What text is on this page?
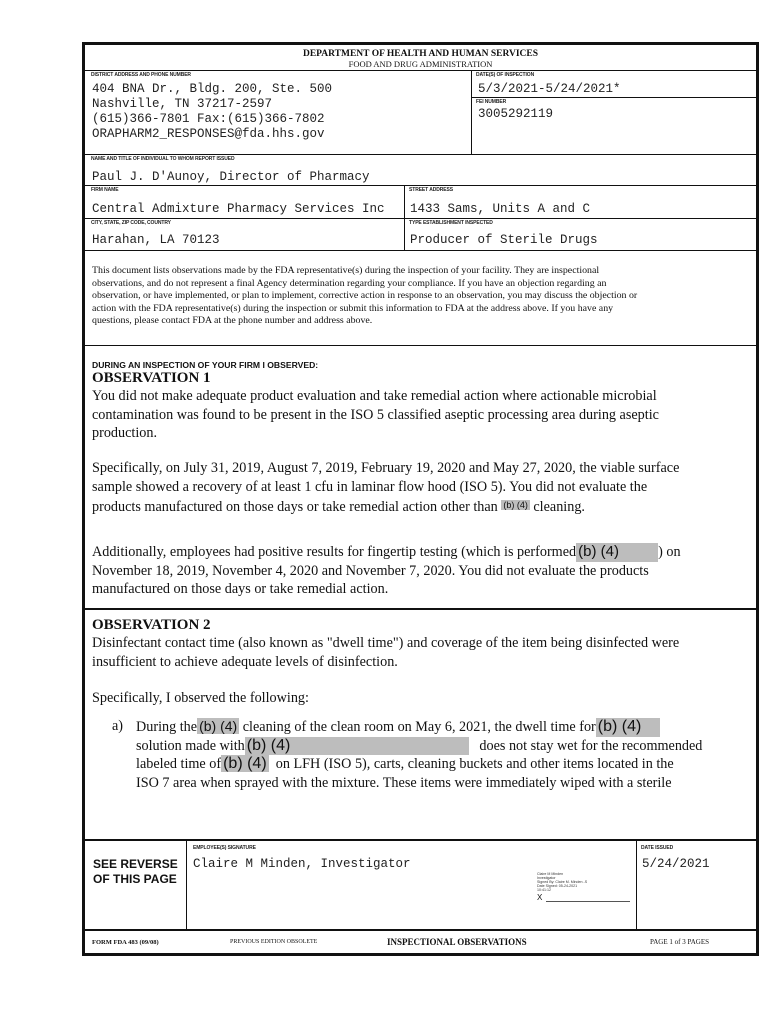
DEPARTMENT OF HEALTH AND HUMAN SERVICES
FOOD AND DRUG ADMINISTRATION
DISTRICT ADDRESS AND PHONE NUMBER
404 BNA Dr., Bldg. 200, Ste. 500
Nashville, TN 37217-2597
(615)366-7801 Fax:(615)366-7802
ORAPHARM2_RESPONSES@fda.hhs.gov
DATE(S) OF INSPECTION
5/3/2021-5/24/2021*
FEI NUMBER
3005292119
NAME AND TITLE OF INDIVIDUAL TO WHOM REPORT ISSUED
Paul J. D'Aunoy, Director of Pharmacy
FIRM NAME
Central Admixture Pharmacy Services Inc
STREET ADDRESS
1433 Sams, Units A and C
CITY, STATE, ZIP CODE, COUNTRY
Harahan, LA 70123
TYPE ESTABLISHMENT INSPECTED
Producer of Sterile Drugs
This document lists observations made by the FDA representative(s) during the inspection of your facility. They are inspectional
observations, and do not represent a final Agency determination regarding your compliance. If you have an objection regarding an
observation, or have implemented, or plan to implement, corrective action in response to an observation, you may discuss the objection or
action with the FDA representative(s) during the inspection or submit this information to FDA at the address above. If you have any
questions, please contact FDA at the phone number and address above.
DURING AN INSPECTION OF YOUR FIRM I OBSERVED:
OBSERVATION 1
You did not make adequate product evaluation and take remedial action where actionable microbial
contamination was found to be present in the ISO 5 classified aseptic processing area during aseptic
production.
Specifically, on July 31, 2019, August 7, 2019, February 19, 2020 and May 27, 2020, the viable surface
sample showed a recovery of at least 1 cfu in laminar flow hood (ISO 5). You did not evaluate the
products manufactured on those days or take remedial action other than $^{(b) (4)}$ cleaning.
Additionally, employees had positive results for fingertip testing (which is performed (b) (4)	) on
November 18, 2019, November 4, 2020 and November 7, 2020. You did not evaluate the products
manufactured on those days or take remedial action.
OBSERVATION 2
Disinfectant contact time (also known as "dwell time") and coverage of the item being disinfected were
insufficient to achieve adequate levels of disinfection.
Specifically, I observed the following:
a) During the (b) (4) cleaning of the clean room on May 6, 2021, the dwell time for (b) (4)
solution made with (b) (4)	does not stay wet for the recommended
labeled time of (b) (4) on LFH (ISO 5), carts, cleaning buckets and other items located in the
ISO 7 area when sprayed with the mixture. These items were immediately wiped with a sterile
SEE REVERSE
OF THIS PAGE
EMPLOYEE(S) SIGNATURE
Claire M Minden, Investigator
Claire M Minden
Investigator
Signed By: Claire M. Minden -S
Date Signed: 05-24-2021
10:41:12
X
DATE ISSUED
5/24/2021
FORM FDA 483 (09/08)	PREVIOUS EDITION OBSOLETE	INSPECTIONAL OBSERVATIONS	PAGE 1 of 3 PAGES
